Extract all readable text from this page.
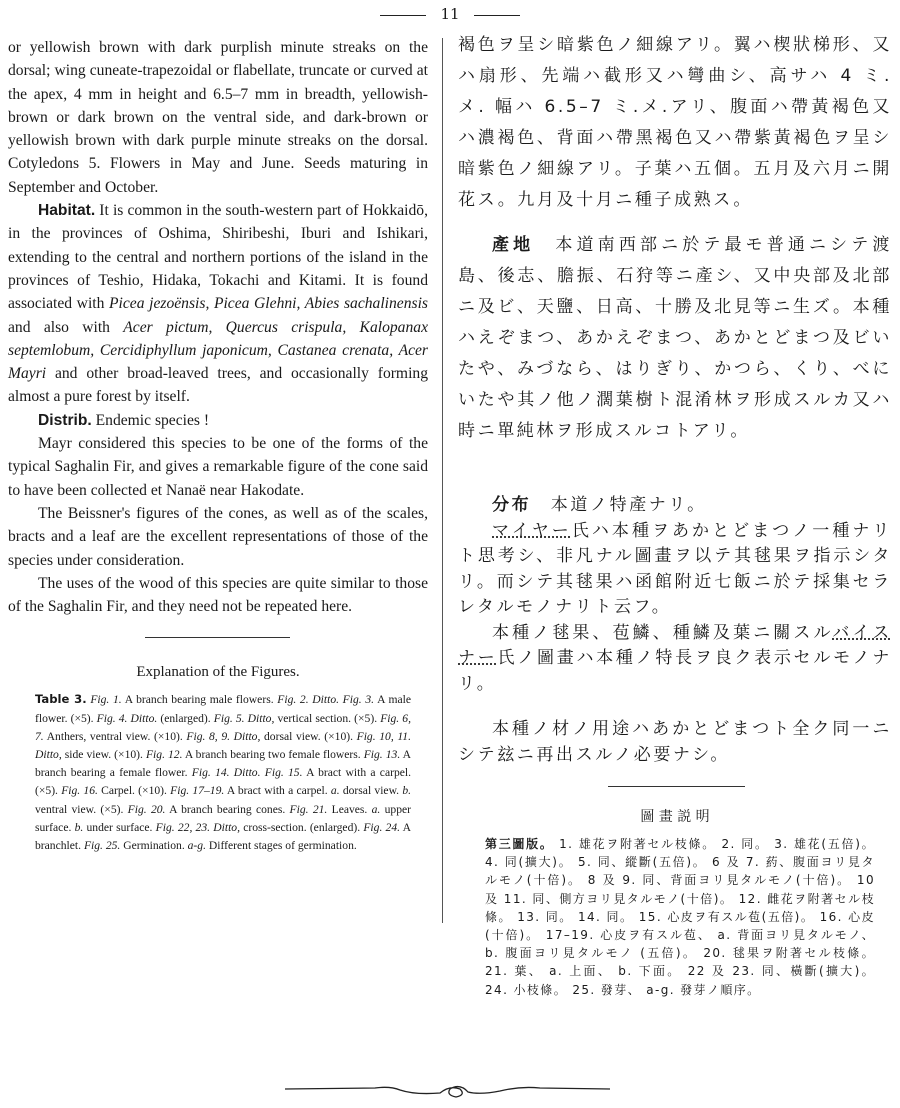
11

or yellowish brown with dark purplish minute streaks on the dorsal; wing cuneate-trapezoidal or flabellate, truncate or curved at the apex, 4 mm in height and 6.5–7 mm in breadth, yellowish-brown or dark brown on the ventral side, and dark-brown or yellowish brown with dark purple minute streaks on the dorsal. Cotyledons 5. Flowers in May and June. Seeds maturing in September and October.

Habitat. It is common in the south-western part of Hokkaidō, in the provinces of Oshima, Shiribeshi, Iburi and Ishikari, extending to the central and northern portions of the island in the provinces of Teshio, Hidaka, Tokachi and Kitami. It is found associated with Picea jezoënsis, Picea Glehni, Abies sachalinensis and also with Acer pictum, Quercus crispula, Kalopanax septemlobum, Cercidiphyllum japonicum, Castanea crenata, Acer Mayri and other broad-leaved trees, and occasionally forming almost a pure forest by itself.

Distrib. Endemic species !

Mayr considered this species to be one of the forms of the typical Saghalin Fir, and gives a remarkable figure of the cone said to have been collected et Nanaë near Hakodate.

The Beissner's figures of the cones, as well as of the scales, bracts and a leaf are the excellent representations of those of the species under consideration.

The uses of the wood of this species are quite similar to those of the Saghalin Fir, and they need not be repeated here.

Explanation of the Figures.

Table 3. Fig. 1. A branch bearing male flowers. Fig. 2. Ditto. Fig. 3. A male flower. (×5). Fig. 4. Ditto. (enlarged). Fig. 5. Ditto, vertical section. (×5). Fig. 6, 7. Anthers, ventral view. (×10). Fig. 8, 9. Ditto, dorsal view. (×10). Fig. 10, 11. Ditto, side view. (×10). Fig. 12. A branch bearing two female flowers. Fig. 13. A branch bearing a female flower. Fig. 14. Ditto. Fig. 15. A bract with a carpel. (×5). Fig. 16. Carpel. (×10). Fig. 17–19. A bract with a carpel. a. dorsal view. b. ventral view. (×5). Fig. 20. A branch bearing cones. Fig. 21. Leaves. a. upper surface. b. under surface. Fig. 22, 23. Ditto, cross-section. (enlarged). Fig. 24. A branchlet. Fig. 25. Germination. a-g. Different stages of germination.

褐色ヲ呈シ暗紫色ノ細線アリ。翼ハ楔狀梯形、又ハ扇形、先端ハ截形又ハ彎曲シ、高サハ 4 ミ.メ. 幅ハ 6.5–7 ミ.メ.アリ、腹面ハ帶黃褐色又ハ濃褐色、背面ハ帶黑褐色又ハ帶紫黃褐色ヲ呈シ暗紫色ノ細線アリ。子葉ハ五個。五月及六月ニ開花ス。九月及十月ニ種子成熟ス。

產地　本道南西部ニ於テ最モ普通ニシテ渡島、後志、膽振、石狩等ニ產シ、又中央部及北部ニ及ビ、天鹽、日高、十勝及北見等ニ生ズ。本種ハえぞまつ、あかえぞまつ、あかとどまつ及ビいたや、みづなら、はりぎり、かつら、くり、べにいたや其ノ他ノ濶葉樹ト混淆林ヲ形成スルカ又ハ時ニ單純林ヲ形成スルコトアリ。

分布　本道ノ特產ナリ。

マイヤー氏ハ本種ヲあかとどまつノ一種ナリト思考シ、非凡ナル圖畫ヲ以テ其毬果ヲ指示シタリ。而シテ其毬果ハ函館附近七飯ニ於テ採集セラレタルモノナリト云フ。

本種ノ毬果、苞鱗、種鱗及葉ニ關スルバイスナー氏ノ圖畫ハ本種ノ特長ヲ良ク表示セルモノナリ。

本種ノ材ノ用途ハあかとどまつト全ク同一ニシテ玆ニ再出スルノ必要ナシ。

圖 畫 説 明
第三圖版。 1. 雄花ヲ附著セル枝條。 2. 同。 3. 雄花(五倍)。 4. 同(擴大)。 5. 同、縱斷(五倍)。 6 及 7. 葯、腹面ヨリ見タルモノ(十倍)。 8 及 9. 同、背面ヨリ見タルモノ(十倍)。 10 及 11. 同、側方ヨリ見タルモノ(十倍)。 12. 雌花ヲ附著セル枝條。 13. 同。 14. 同。 15. 心皮ヲ有スル苞(五倍)。 16. 心皮(十倍)。 17–19. 心皮ヲ有スル苞、 a. 背面ヨリ見タルモノ、 b. 腹面ヨリ見タルモノ (五倍)。 20. 毬果ヲ附著セル枝條。 21. 葉、 a. 上面、 b. 下面。 22 及 23. 同、橫斷(擴大)。 24. 小枝條。 25. 發芽、 a-g. 發芽ノ順序。
